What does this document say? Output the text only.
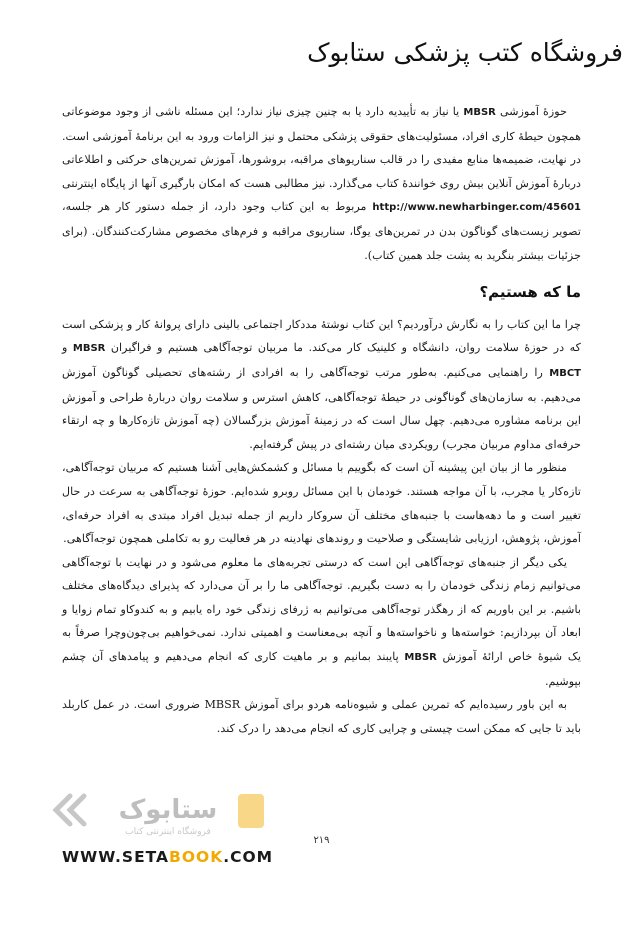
فروشگاه کتب پزشکی ستابوک

حوزهٔ آموزشی MBSR یا نیاز به تأییدیه دارد یا به چنین چیزی نیاز ندارد؛ این مسئله ناشی از وجود موضوعاتی همچون حیطهٔ کاری افراد، مسئولیت‌های حقوقی پزشکی محتمل و نیز الزامات ورود به این برنامهٔ آموزشی است. در نهایت، ضمیمه‌ها منابع مفیدی را در قالب سناریوهای مراقبه، بروشورها، آموزش تمرین‌های حرکتی و اطلاعاتی دربارهٔ آموزش آنلاین بیش روی خوانندهٔ کتاب می‌گذارد. نیز مطالبی هست که امکان بارگیری آنها از پایگاه اینترنتی http://www.newharbinger.com/45601 مربوط به این کتاب وجود دارد، از جمله دستور کار هر جلسه، تصویر زیست‌های گوناگون بدن در تمرین‌های یوگا، سناریوی مراقبه و فرم‌های مخصوص مشارکت‌کنندگان. (برای جزئیات بیشتر بنگرید به پشت جلد همین کتاب).

ما که هستیم؟

چرا ما این کتاب را به نگارش درآوردیم؟ این کتاب نوشتهٔ مددکار اجتماعی بالینی دارای پروانهٔ کار و پزشکی است که در حوزهٔ سلامت روان، دانشگاه و کلینیک کار می‌کند. ما مربیان توجه‌آگاهی هستیم و فراگیران MBSR و MBCT را راهنمایی می‌کنیم. به‌طور مرتب توجه‌آگاهی را به افرادی از رشته‌های تحصیلی گوناگون آموزش می‌دهیم. به سازمان‌های گوناگونی در حیطهٔ توجه‌آگاهی، کاهش استرس و سلامت روان دربارهٔ طراحی و آموزش این برنامه مشاوره می‌دهیم. چهل سال است که در زمینهٔ آموزش بزرگسالان (چه آموزش تازه‌کارها و چه ارتقاء حرفه‌ای مداوم مربیان مجرب) رویکردی میان رشته‌ای در پیش گرفته‌ایم.

منظور ما از بیان این پیشینه آن است که بگوییم با مسائل و کشمکش‌هایی آشنا هستیم که مربیان توجه‌آگاهی، تازه‌کار یا مجرب، با آن مواجه هستند. خودمان با این مسائل روبرو شده‌ایم. حوزهٔ توجه‌آگاهی به سرعت در حال تغییر است و ما دهه‌هاست با جنبه‌های مختلف آن سروکار داریم از جمله تبدیل افراد مبتدی به افراد حرفه‌ای، آموزش، پژوهش، ارزیابی شایستگی و صلاحیت و روندهای نهادینه در هر فعالیت رو به تکاملی همچون توجه‌آگاهی.

یکی دیگر از جنبه‌های توجه‌آگاهی این است که درستی تجربه‌های ما معلوم می‌شود و در نهایت با توجه‌آگاهی می‌توانیم زمام زندگی خودمان را به دست بگیریم. توجه‌آگاهی ما را بر آن می‌دارد که پذیرای دیدگاه‌های مختلف باشیم. بر این باوریم که از رهگذر توجه‌آگاهی می‌توانیم به ژرفای زندگی خود راه یابیم و به کندوکاو تمام زوایا و ابعاد آن بپردازیم: خواسته‌ها و ناخواسته‌ها و آنچه بی‌معناست و اهمیتی ندارد. نمی‌خواهیم بی‌چون‌وچرا صرفاً به یک شیوهٔ خاص ارائهٔ آموزش MBSR پایبند بمانیم و بر ماهیت کاری که انجام می‌دهیم و پیامدهای آن چشم بپوشیم.

به این باور رسیده‌ایم که تمرین عملی و شیوه‌نامه هردو برای آموزش MBSR ضروری است. در عمل کاربلد باید تا جایی که ممکن است چیستی و چرایی کاری که انجام می‌دهد را درک کند.

ستابوک
فروشگاه اینترنتی کتاب
۲۱۹
WWW.SETABOOK.COM
